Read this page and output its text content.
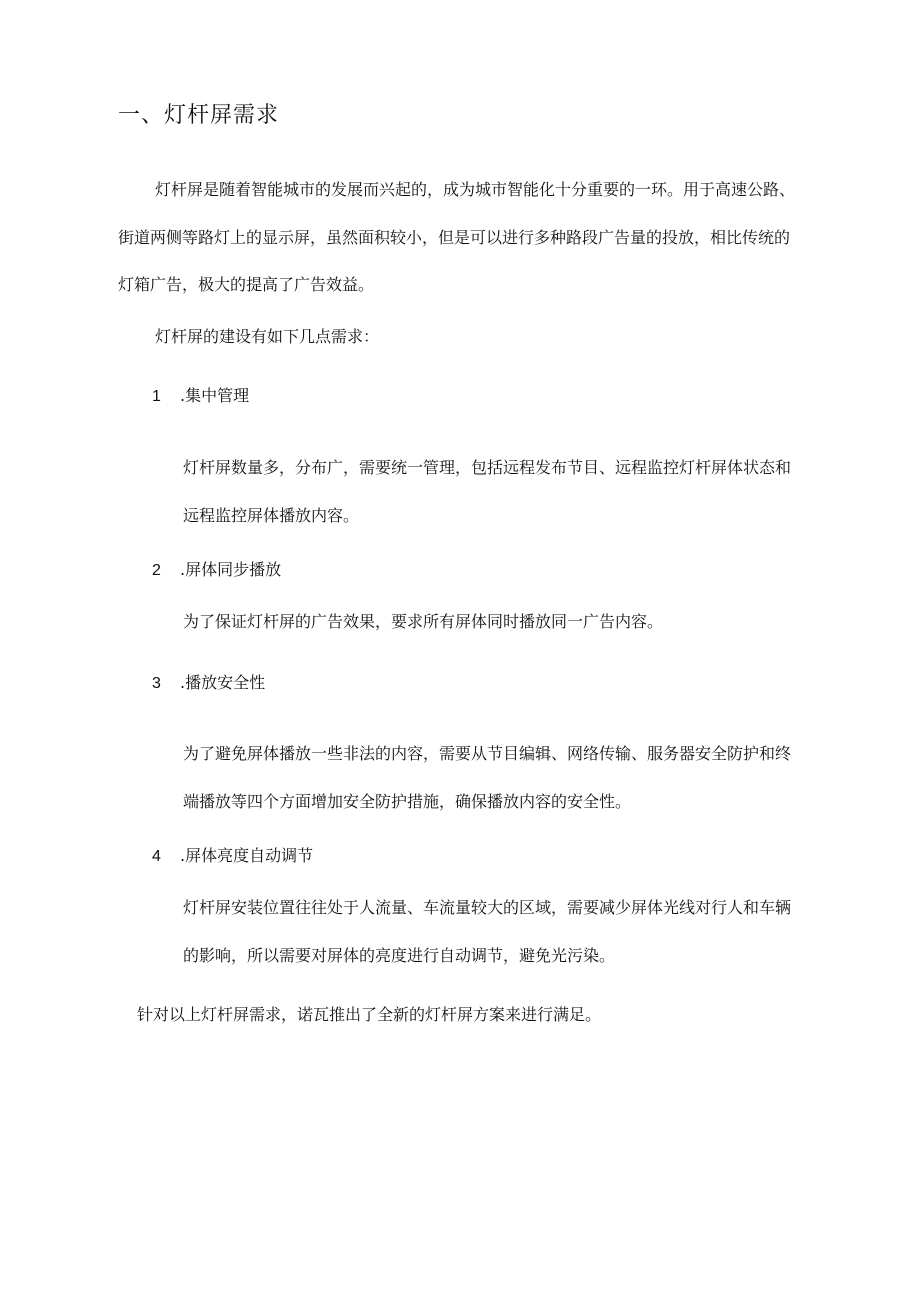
一、灯杆屏需求
灯杆屏是随着智能城市的发展而兴起的，成为城市智能化十分重要的一环。用于高速公路、
街道两侧等路灯上的显示屏，虽然面积较小，但是可以进行多种路段广告量的投放，相比传统的
灯箱广告，极大的提高了广告效益。
灯杆屏的建设有如下几点需求：
1 .集中管理
灯杆屏数量多，分布广，需要统一管理，包括远程发布节目、远程监控灯杆屏体状态和
远程监控屏体播放内容。
2 .屏体同步播放
为了保证灯杆屏的广告效果，要求所有屏体同时播放同一广告内容。
3 .播放安全性
为了避免屏体播放一些非法的内容，需要从节目编辑、网络传输、服务器安全防护和终
端播放等四个方面增加安全防护措施，确保播放内容的安全性。
4 .屏体亮度自动调节
灯杆屏安装位置往往处于人流量、车流量较大的区域，需要减少屏体光线对行人和车辆
的影响，所以需要对屏体的亮度进行自动调节，避免光污染。
针对以上灯杆屏需求，诺瓦推出了全新的灯杆屏方案来进行满足。
